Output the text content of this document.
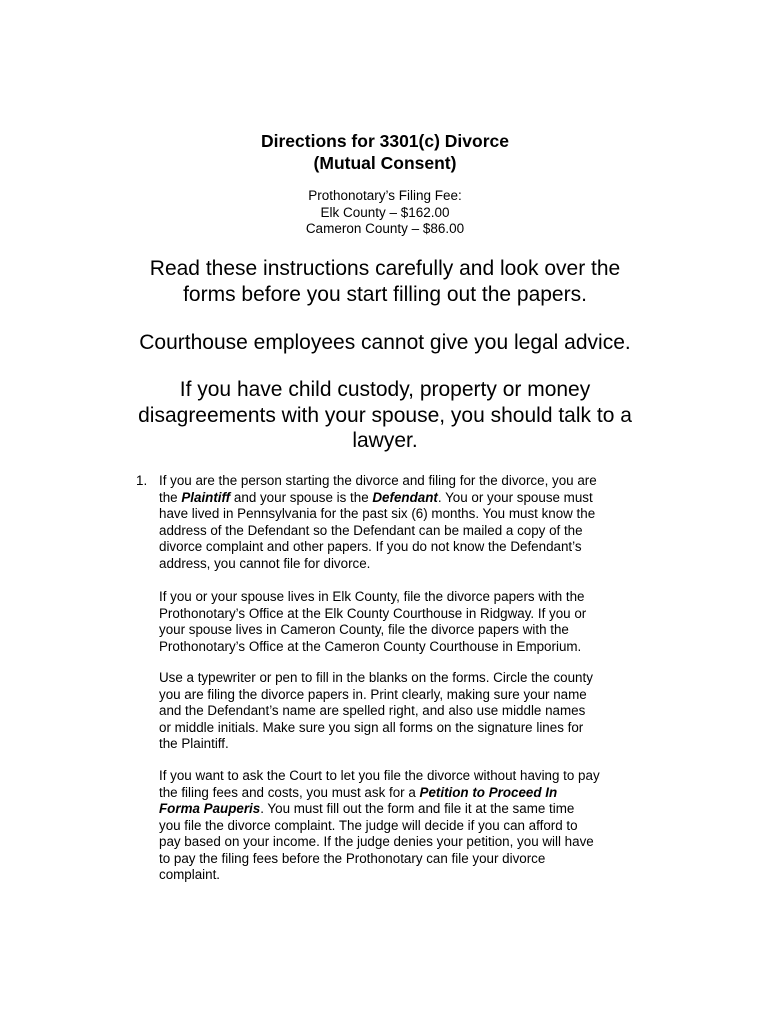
Directions for 3301(c) Divorce
(Mutual Consent)
Prothonotary’s Filing Fee:
Elk County – $162.00
Cameron County – $86.00
Read these instructions carefully and look over the
forms before you start filling out the papers.
Courthouse employees cannot give you legal advice.
If you have child custody, property or money
disagreements with your spouse, you should talk to a
lawyer.
1. If you are the person starting the divorce and filing for the divorce, you are
the Plaintiff and your spouse is the Defendant. You or your spouse must
have lived in Pennsylvania for the past six (6) months. You must know the
address of the Defendant so the Defendant can be mailed a copy of the
divorce complaint and other papers. If you do not know the Defendant’s
address, you cannot file for divorce.
If you or your spouse lives in Elk County, file the divorce papers with the
Prothonotary’s Office at the Elk County Courthouse in Ridgway. If you or
your spouse lives in Cameron County, file the divorce papers with the
Prothonotary’s Office at the Cameron County Courthouse in Emporium.
Use a typewriter or pen to fill in the blanks on the forms. Circle the county
you are filing the divorce papers in. Print clearly, making sure your name
and the Defendant’s name are spelled right, and also use middle names
or middle initials. Make sure you sign all forms on the signature lines for
the Plaintiff.
If you want to ask the Court to let you file the divorce without having to pay
the filing fees and costs, you must ask for a Petition to Proceed In
Forma Pauperis. You must fill out the form and file it at the same time
you file the divorce complaint. The judge will decide if you can afford to
pay based on your income. If the judge denies your petition, you will have
to pay the filing fees before the Prothonotary can file your divorce
complaint.
